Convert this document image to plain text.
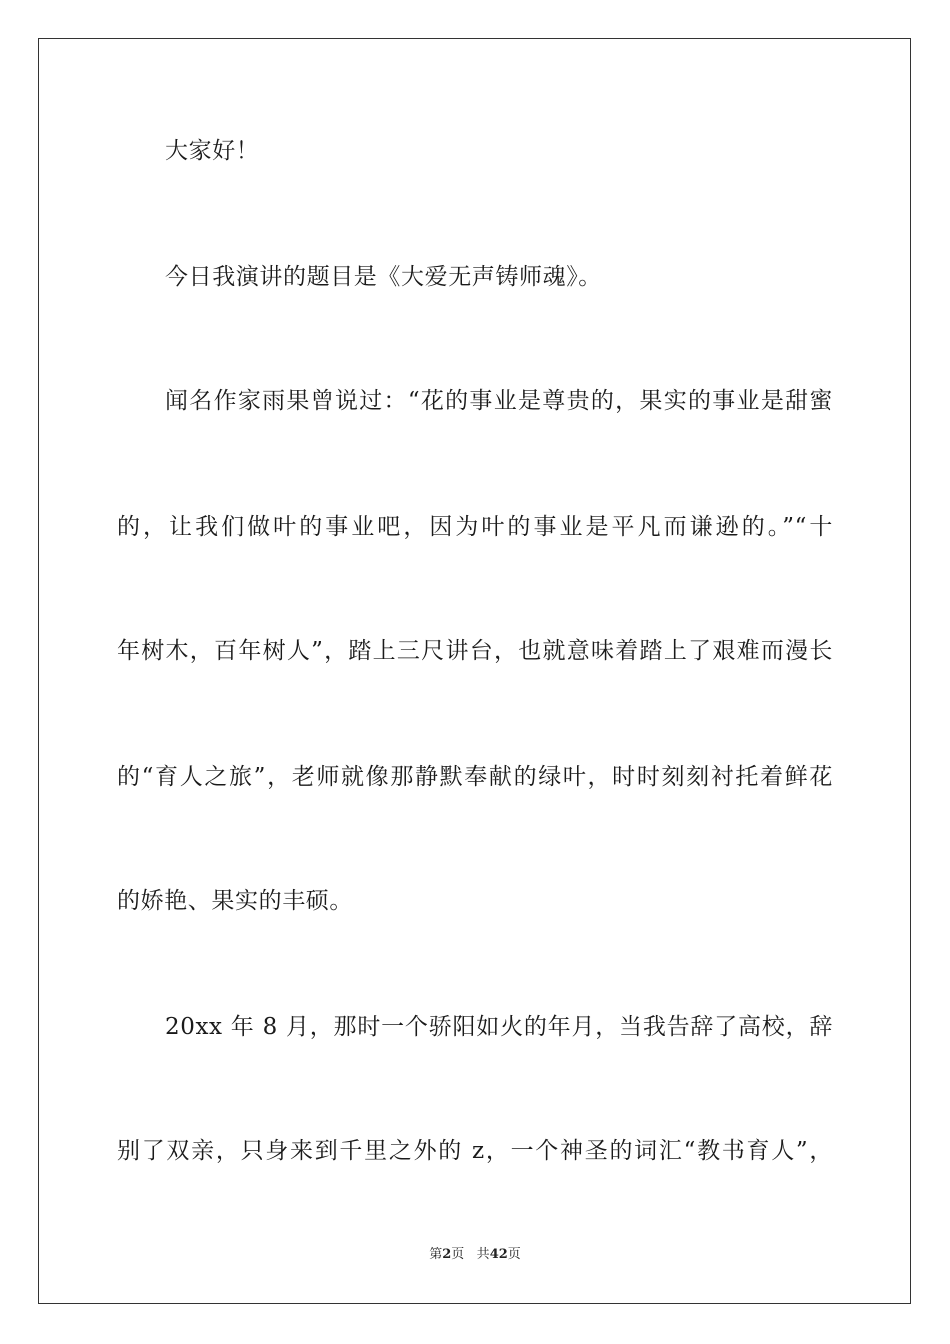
大家好！
今日我演讲的题目是《大爱无声铸师魂》。
闻名作家雨果曾说过：“花的事业是尊贵的，果实的事业是甜蜜
的，让我们做叶的事业吧，因为叶的事业是平凡而谦逊的。”“十
年树木，百年树人”，踏上三尺讲台，也就意味着踏上了艰难而漫长
的“育人之旅”，老师就像那静默奉献的绿叶，时时刻刻衬托着鲜花
的娇艳、果实的丰硕。
20xx 年 8 月，那时一个骄阳如火的年月，当我告辞了高校，辞
别了双亲，只身来到千里之外的 z，一个神圣的词汇“教书育人”，
第2页 共42页
